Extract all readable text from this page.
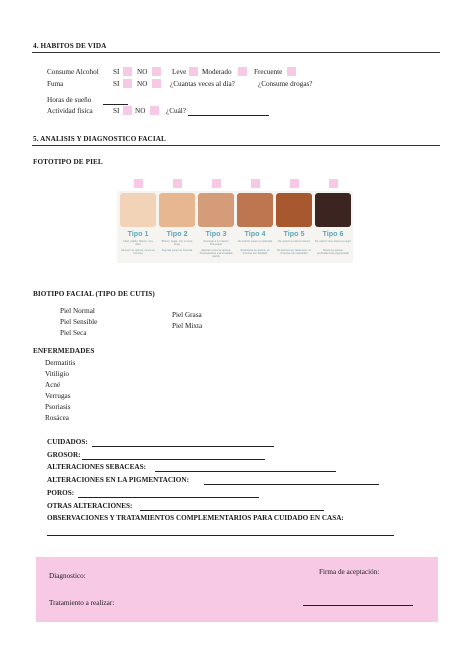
4. HABITOS DE VIDA
Consume Alcohol SI NO	Leve Moderado	Frecuente
Fuma	SI NO	¿Cuantas veces al día?	¿Consume drogas?
Horas de sueño
Actividad física	SI NO	¿Cuál?
5. ANALISIS Y DIAGNOSTICO FACIAL
FOTOTIPO DE PIEL
Tipo 1
Claro, pálido, blanco, muy claro
Siempre se quema, nunca se broncea
Tipo 2
Blanco, beige, con un tono beige
Algunas veces se broncea
Tipo 3
De beige a un marrón bronceado
Algunas veces se quema, bronceándose a la tonalidad marrón
Tipo 4
De marrón suave a moderado
Raramente se quema, se broncea con facilidad
Tipo 5
De marrón a marrón oscuro
Se quema muy raramente, se broncea con intensidad
Tipo 6
De marrón muy oscuro a negro
Nunca se quema, profundamente pigmentado
BIOTIPO FACIAL (TIPO DE CUTIS)
Piel Normal
Piel Sensible
Piel Seca
Piel Grasa
Piel Mixta
ENFERMEDADES
Dermatitis
Vitiligio
Acné
Verrugas
Psoriasis
Rosácea
CUIDADOS:
GROSOR:
ALTERACIONES SEBACEAS:
ALTERACIONES EN LA PIGMENTACION:
POROS:
OTRAS ALTERACIONES:
OBSERVACIONES Y TRATAMIENTOS COMPLEMENTARIOS PARA CUIDADO EN CASA:
Diagnostico:
Tratamiento a realizar:
Firma de aceptación:
